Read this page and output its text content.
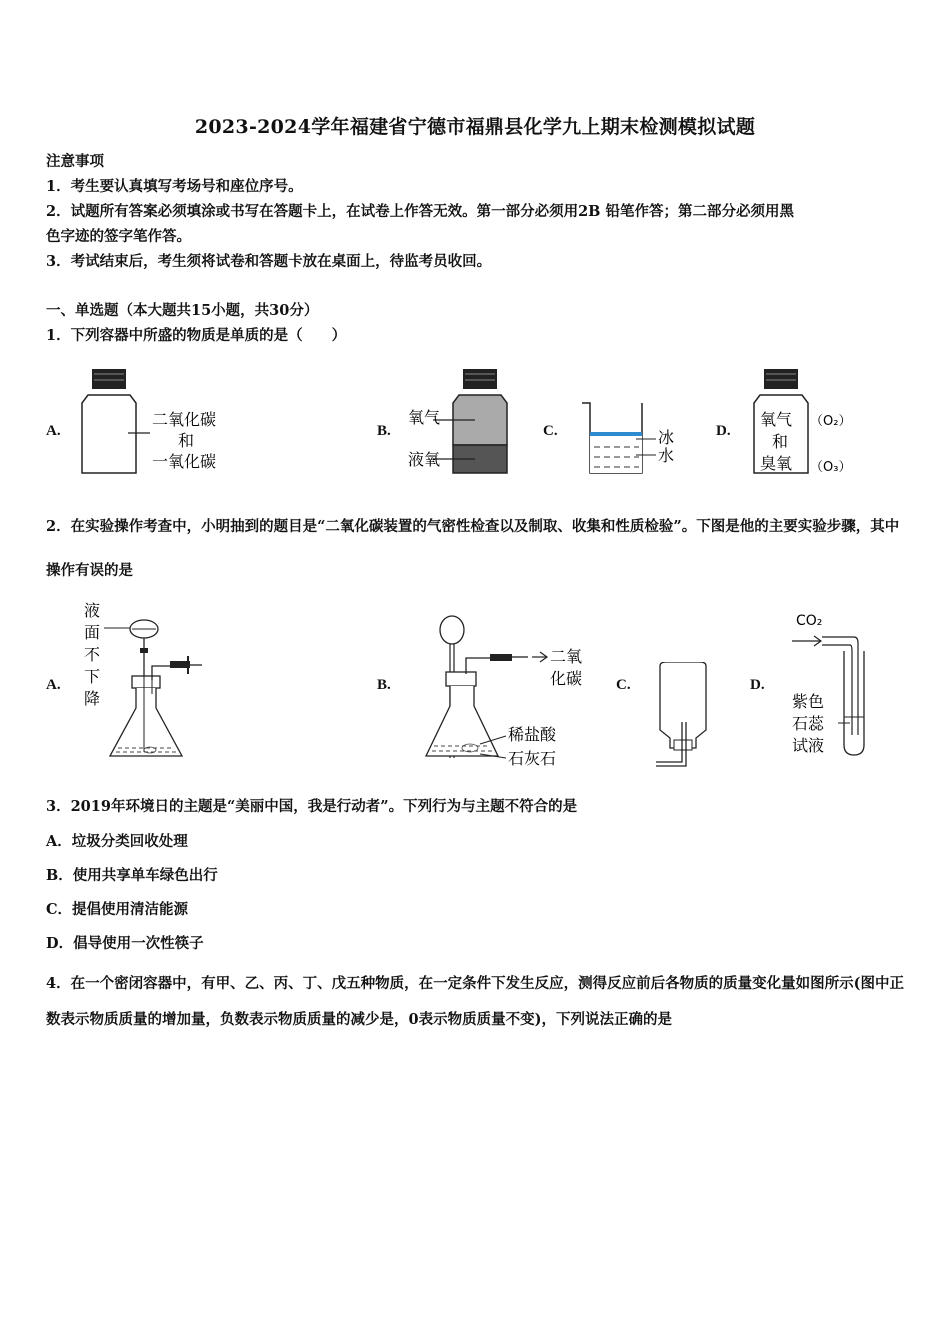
2023-2024学年福建省宁德市福鼎县化学九上期末检测模拟试题
注意事项
1．考生要认真填写考场号和座位序号。
2．试题所有答案必须填涂或书写在答题卡上，在试卷上作答无效。第一部分必须用2B 铅笔作答；第二部分必须用黑
色字迹的签字笔作答。
3．考试结束后，考生须将试卷和答题卡放在桌面上，待监考员收回。
一、单选题（本大题共15小题，共30分）
1．下列容器中所盛的物质是单质的是（　　）
A.	B.	C.	D.
二氧化碳
和
一氧化碳
氧气
液氧
冰
水
氧气
和
臭氧
（O₂）
（O₃）
2．在实验操作考查中，小明抽到的题目是“二氧化碳装置的气密性检查以及制取、收集和性质检验”。下图是他的主要实验步骤，其中操作有误的是
A.	B.	C.	D.
液
面
不
下
降
二氧
化碳
稀盐酸
石灰石
CO₂
紫色
石蕊
试液
3．2019年环境日的主题是“美丽中国，我是行动者”。下列行为与主题不符合的是
A．垃圾分类回收处理
B．使用共享单车绿色出行
C．提倡使用清洁能源
D．倡导使用一次性筷子
4．在一个密闭容器中，有甲、乙、丙、丁、戊五种物质，在一定条件下发生反应，测得反应前后各物质的质量变化量如图所示(图中正数表示物质质量的增加量，负数表示物质质量的减少是，0表示物质质量不变)，下列说法正确的是
